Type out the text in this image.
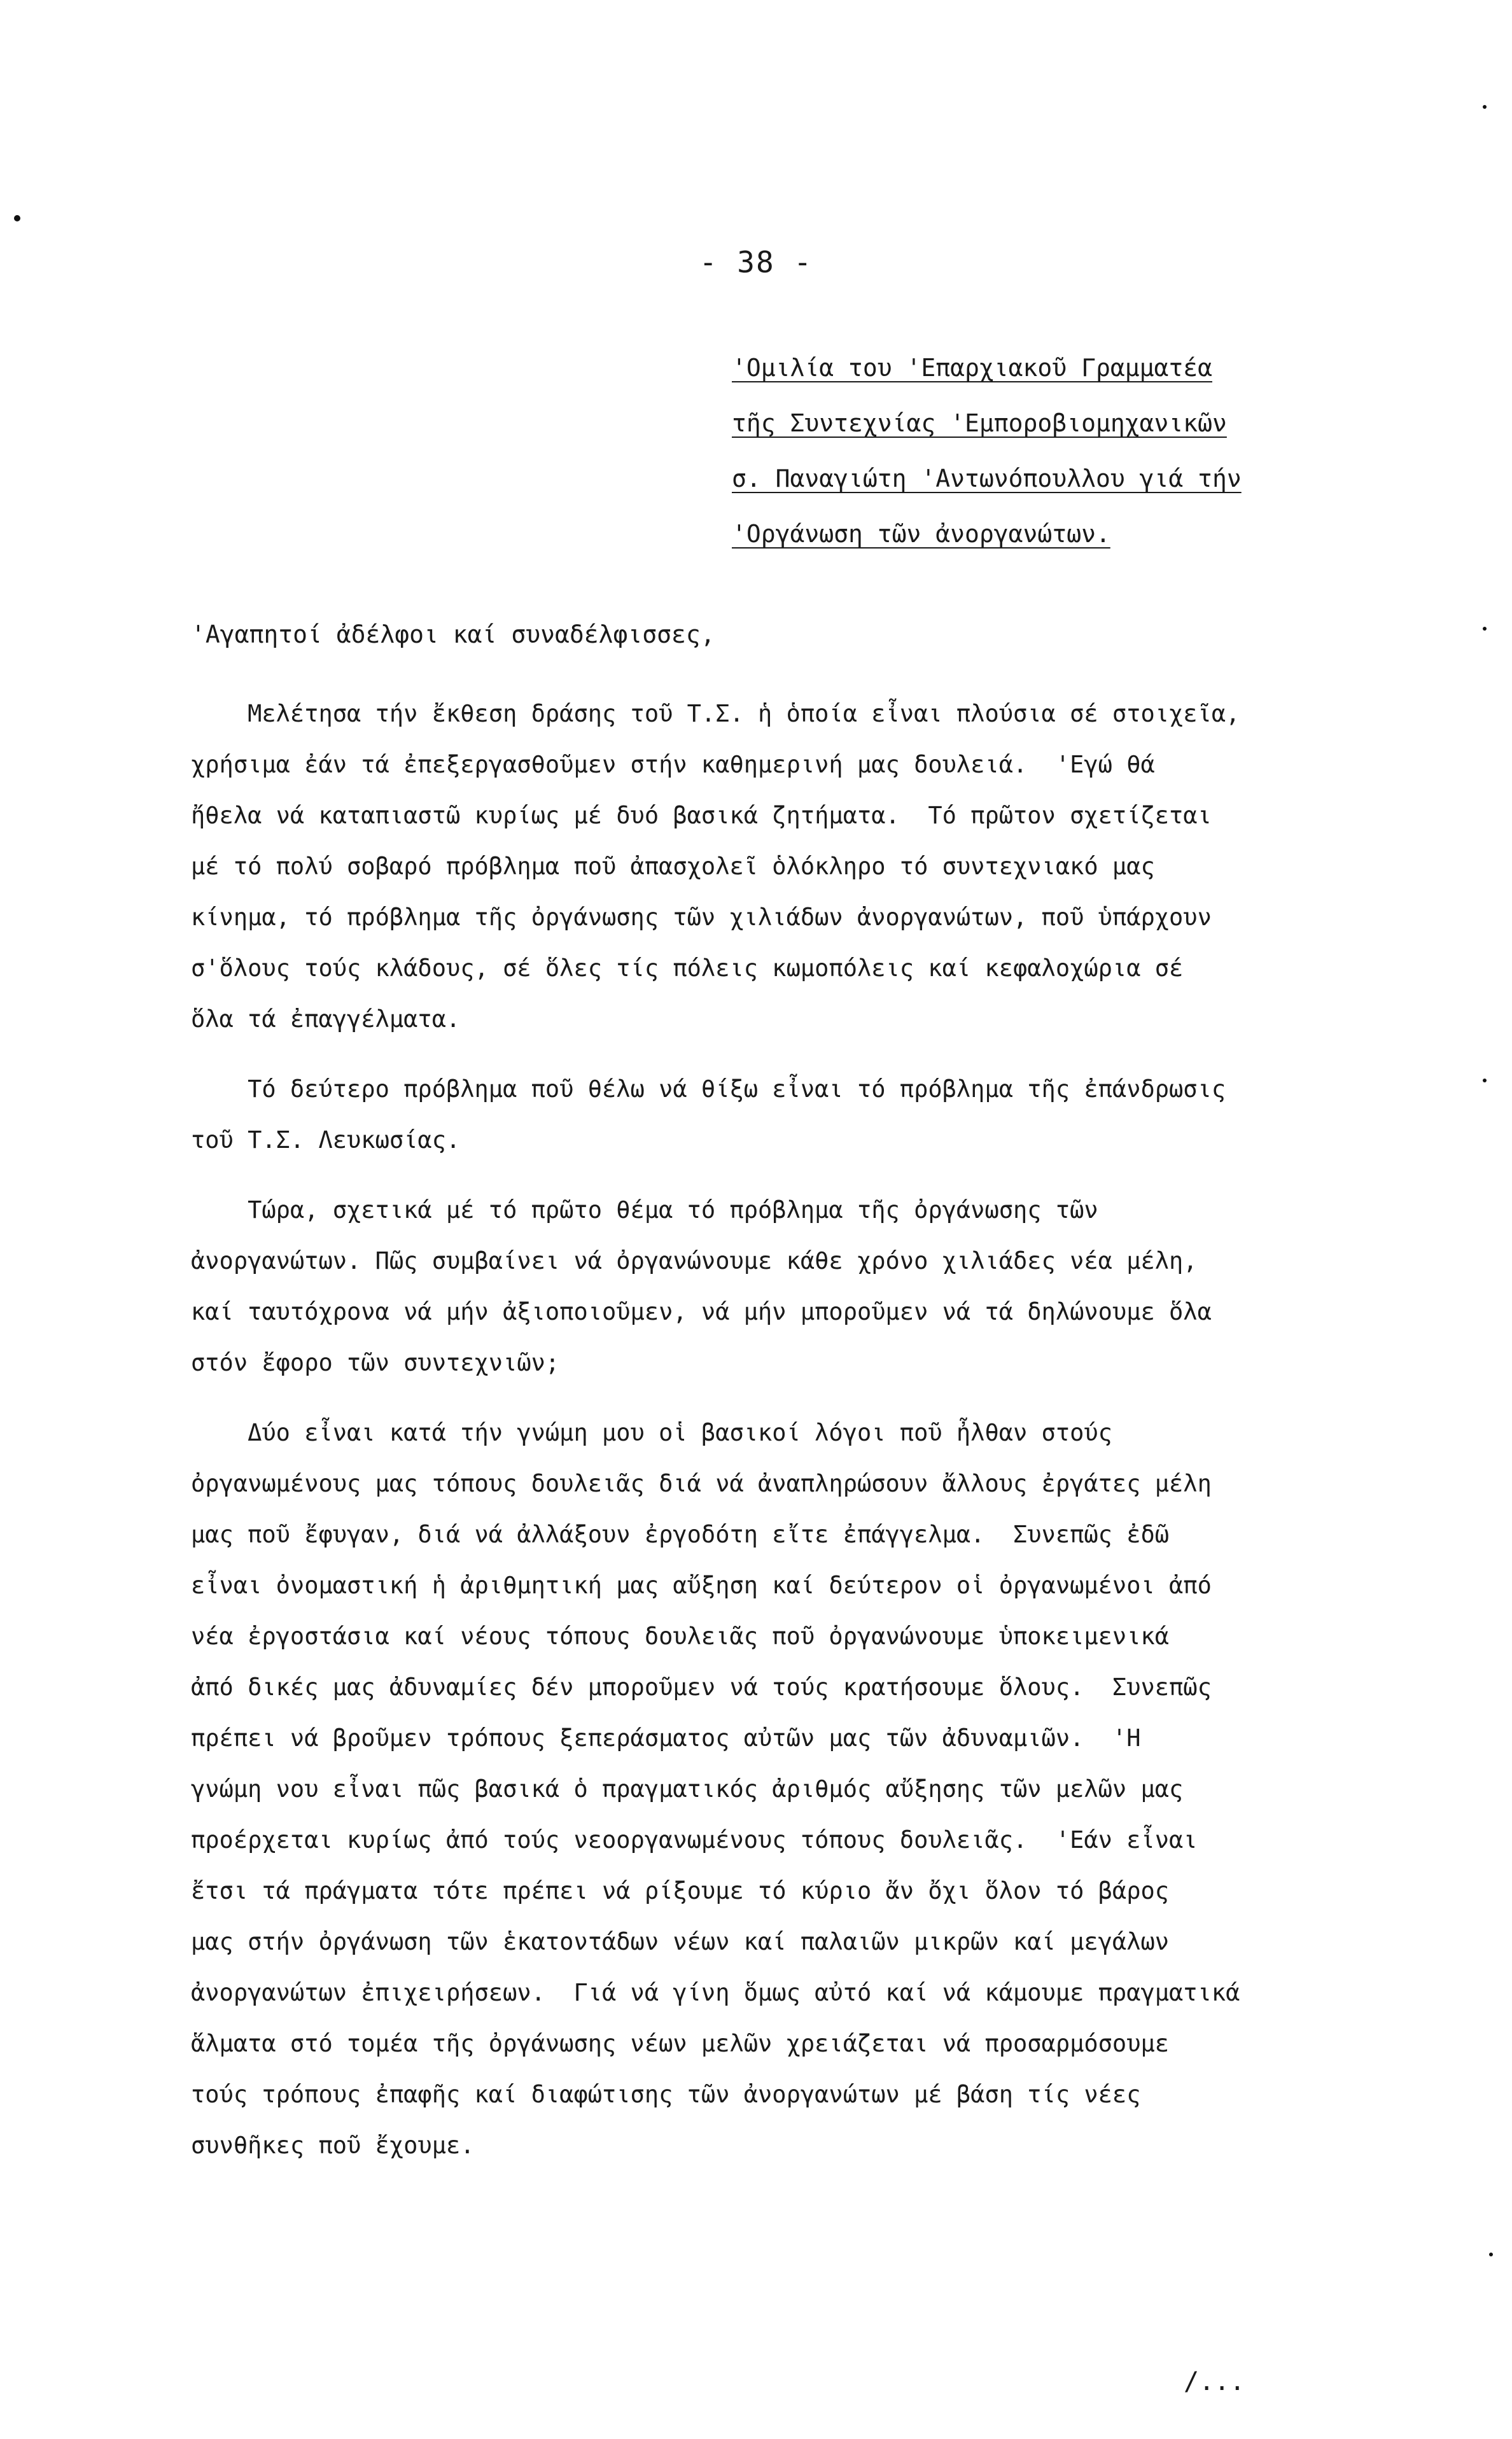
- 38 -
'Ομιλία του 'Επαρχιακοῦ Γραμματέα
τῆς Συντεχνίας 'Εμποροβιομηχανικῶν
σ. Παναγιώτη 'Αντωνόπουλλου γιά τήν
'Οργάνωση τῶν ἀνοργανώτων.
'Αγαπητοί ἀδέλφοι καί συναδέλφισσες,
Μελέτησα τήν ἔκθεση δράσης τοῦ Τ.Σ. ἡ ὁποία εἶναι πλούσια σέ στοιχεῖα,
χρήσιμα ἐάν τά ἐπεξεργασθοῦμεν στήν καθημερινή μας δουλειά.  'Εγώ θά
ἤθελα νά καταπιαστῶ κυρίως μέ δυό βασικά ζητήματα.  Τό πρῶτον σχετίζεται
μέ τό πολύ σοβαρό πρόβλημα ποῦ ἀπασχολεῖ ὁλόκληρο τό συντεχνιακό μας
κίνημα, τό πρόβλημα τῆς ὀργάνωσης τῶν χιλιάδων ἀνοργανώτων, ποῦ ὑπάρχουν
σ'ὅλους τούς κλάδους, σέ ὅλες τίς πόλεις κωμοπόλεις καί κεφαλοχώρια σέ
ὅλα τά ἐπαγγέλματα.
Τό δεύτερο πρόβλημα ποῦ θέλω νά θίξω εἶναι τό πρόβλημα τῆς ἐπάνδρωσις
τοῦ Τ.Σ. Λευκωσίας.
Τώρα, σχετικά μέ τό πρῶτο θέμα τό πρόβλημα τῆς ὀργάνωσης τῶν
ἀνοργανώτων. Πῶς συμβαίνει νά ὀργανώνουμε κάθε χρόνο χιλιάδες νέα μέλη,
καί ταυτόχρονα νά μήν ἀξιοποιοῦμεν, νά μήν μποροῦμεν νά τά δηλώνουμε ὅλα
στόν ἔφορο τῶν συντεχνιῶν;
Δύο εἶναι κατά τήν γνώμη μου οἱ βασικοί λόγοι ποῦ ἦλθαν στούς
ὀργανωμένους μας τόπους δουλειᾶς διά νά ἀναπληρώσουν ἄλλους ἐργάτες μέλη
μας ποῦ ἔφυγαν, διά νά ἀλλάξουν ἐργοδότη εἴτε ἐπάγγελμα.  Συνεπῶς ἐδῶ
εἶναι ὀνομαστική ἡ ἀριθμητική μας αὔξηση καί δεύτερον οἱ ὀργανωμένοι ἀπό
νέα ἐργοστάσια καί νέους τόπους δουλειᾶς ποῦ ὀργανώνουμε ὑποκειμενικά
ἀπό δικές μας ἀδυναμίες δέν μποροῦμεν νά τούς κρατήσουμε ὅλους.  Συνεπῶς
πρέπει νά βροῦμεν τρόπους ξεπεράσματος αὐτῶν μας τῶν ἀδυναμιῶν.  'Η
γνώμη νου εἶναι πῶς βασικά ὁ πραγματικός ἀριθμός αὔξησης τῶν μελῶν μας
προέρχεται κυρίως ἀπό τούς νεοοργανωμένους τόπους δουλειᾶς.  'Εάν εἶναι
ἔτσι τά πράγματα τότε πρέπει νά ρίξουμε τό κύριο ἄν ὄχι ὅλον τό βάρος
μας στήν ὀργάνωση τῶν ἑκατοντάδων νέων καί παλαιῶν μικρῶν καί μεγάλων
ἀνοργανώτων ἐπιχειρήσεων.  Γιά νά γίνη ὅμως αὐτό καί νά κάμουμε πραγματικά
ἅλματα στό τομέα τῆς ὀργάνωσης νέων μελῶν χρειάζεται νά προσαρμόσουμε
τούς τρόπους ἐπαφῆς καί διαφώτισης τῶν ἀνοργανώτων μέ βάση τίς νέες
συνθῆκες ποῦ ἔχουμε.
/...
